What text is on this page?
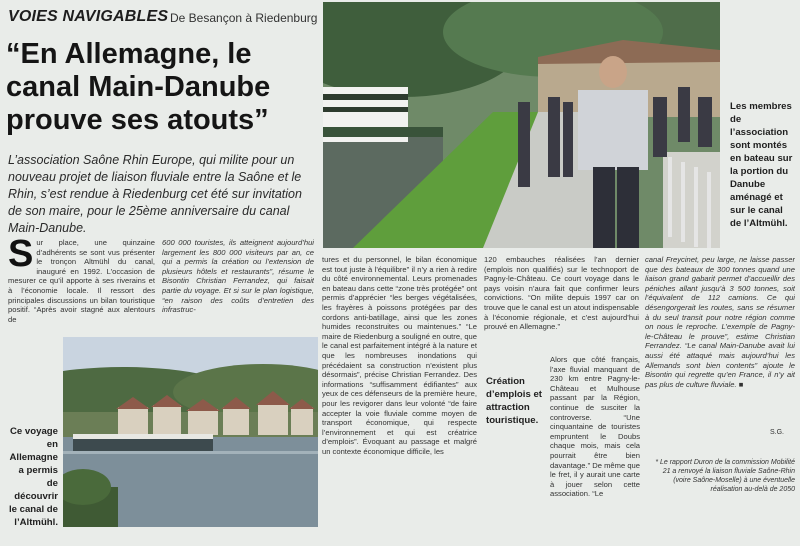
VOIES NAVIGABLES De Besançon à Riedenburg
“En Allemagne, le canal Main-Danube prouve ses atouts”
L’association Saône Rhin Europe, qui milite pour un nouveau projet de liaison fluviale entre la Saône et le Rhin, s’est rendue à Riedenburg cet été sur invitation de son maire, pour le 25ème anniversaire du canal Main-Danube.
Les membres de l’association sont montés en bateau sur la portion du Danube aménagé et sur le canal de l’Altmühl.
S ur place, une quinzaine d’adhérents se sont vus présenter le tronçon Altmühl du canal, inauguré en 1992. L’occasion de mesurer ce qu’il apporte à ses riverains et à l’économie locale. Il ressort des principales discussions un bilan touristique positif. “Après avoir stagné aux alentours de
600 000 touristes, ils atteignent aujourd’hui largement les 800 000 visiteurs par an, ce qui a permis la création ou l’extension de plusieurs hôtels et restaurants”, résume le Bisontin Christian Ferrandez, qui faisait partie du voyage. Et si sur le plan logistique, “en raison des coûts d’entretien des infrastruc-
Ce voyage en Allemagne a permis de découvrir le canal de l’Altmühl.
tures et du personnel, le bilan économique est tout juste à l’équilibre” il n’y a rien à redire du côté environnemental. Leurs promenades en bateau dans cette “zone très protégée” ont permis d’apprécier “les berges végétalisées, les frayères à poissons protégées par des cordons anti-batillage, ainsi que les zones humides reconstruites ou maintenues.” “Le maire de Riedenburg a souligné en outre, que le canal est parfaitement intégré à la nature et que les nombreuses inondations qui précédaient sa construction n’existent plus désormais”, précise Christian Ferrandez. Des informations “suffisamment édifiantes” aux yeux de ces défenseurs de la première heure, pour les revigorer dans leur volonté “de faire accepter la voie fluviale comme moyen de transport économique, qui respecte l’environnement et qui est créatrice d’emplois”. Évoquant au passage et malgré un contexte économique difficile, les
120 embauches réalisées l’an dernier (emplois non qualifiés) sur le technoport de Pagny-le-Château. Ce court voyage dans le pays voisin n’aura fait que confirmer leurs convictions. “On milite depuis 1997 car on trouve que le canal est un atout indispensable à l’économie régionale, et c’est aujourd’hui prouvé en Allemagne.”
Création d’emplois et attraction touristique.
Alors que côté français, l’axe fluvial manquant de 230 km entre Pagny-le-Château et Mulhouse passant par la Région, continue de susciter la controverse. “Une cinquantaine de touristes empruntent le Doubs chaque mois, mais cela pourrait être bien davantage.” De même que le fret, il y aurait une carte à jouer selon cette association. “Le
canal Freycinet, peu large, ne laisse passer que des bateaux de 300 tonnes quand une liaison grand gabarit permet d’accueillir des péniches allant jusqu’à 3 500 tonnes, soit l’équivalent de 112 camions. Ce qui désengorgerait les routes, sans se résumer à du seul transit pour notre région comme on nous le reproche. L’exemple de Pagny-le-Château le prouve”, estime Christian Ferrandez. “Le canal Main-Danube avait lui aussi été attaqué mais aujourd’hui les Allemands sont bien contents” ajoute le Bisontin qui regrette qu’en France, il n’y ait pas plus de culture fluviale. ■
S.G.
* Le rapport Duron de la commission Mobilité 21 a renvoyé la liaison fluviale Saône-Rhin (voire Saône-Moselle) à une éventuelle réalisation au-delà de 2050
